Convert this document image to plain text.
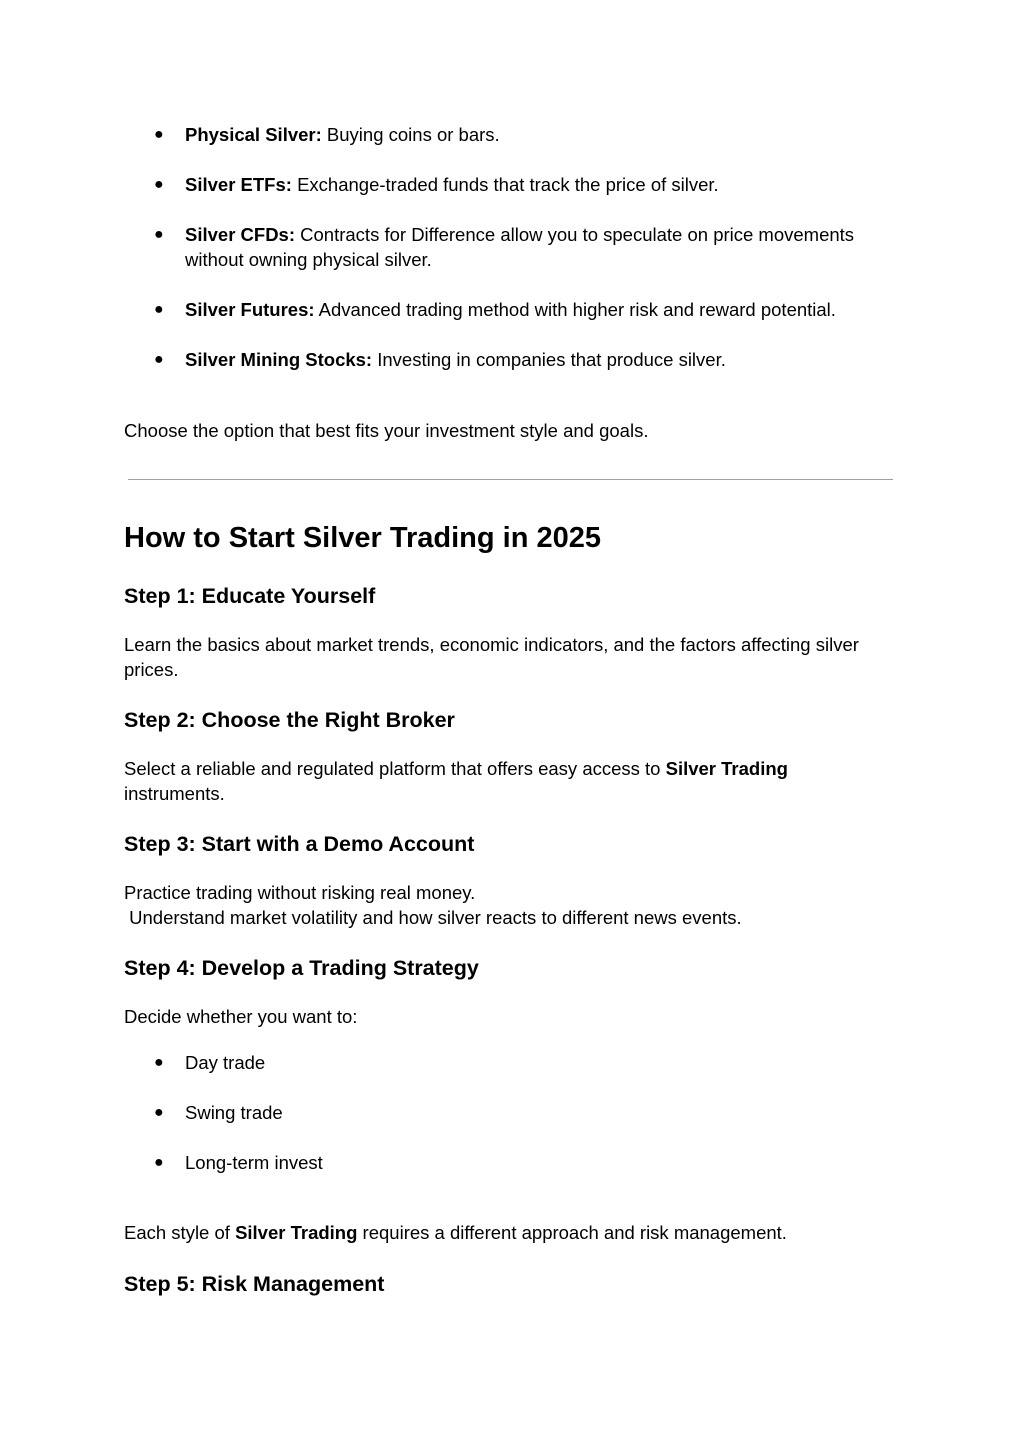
● Physical Silver: Buying coins or bars.
● Silver ETFs: Exchange-traded funds that track the price of silver.
● Silver CFDs: Contracts for Difference allow you to speculate on price movements without owning physical silver.
● Silver Futures: Advanced trading method with higher risk and reward potential.
● Silver Mining Stocks: Investing in companies that produce silver.

Choose the option that best fits your investment style and goals.

How to Start Silver Trading in 2025
Step 1: Educate Yourself

Learn the basics about market trends, economic indicators, and the factors affecting silver prices.

Step 2: Choose the Right Broker

Select a reliable and regulated platform that offers easy access to Silver Trading instruments.

Step 3: Start with a Demo Account

Practice trading without risking real money.

Understand market volatility and how silver reacts to different news events.

Step 4: Develop a Trading Strategy

Decide whether you want to:

● Day trade
● Swing trade
● Long-term invest

Each style of Silver Trading requires a different approach and risk management.

Step 5: Risk Management
